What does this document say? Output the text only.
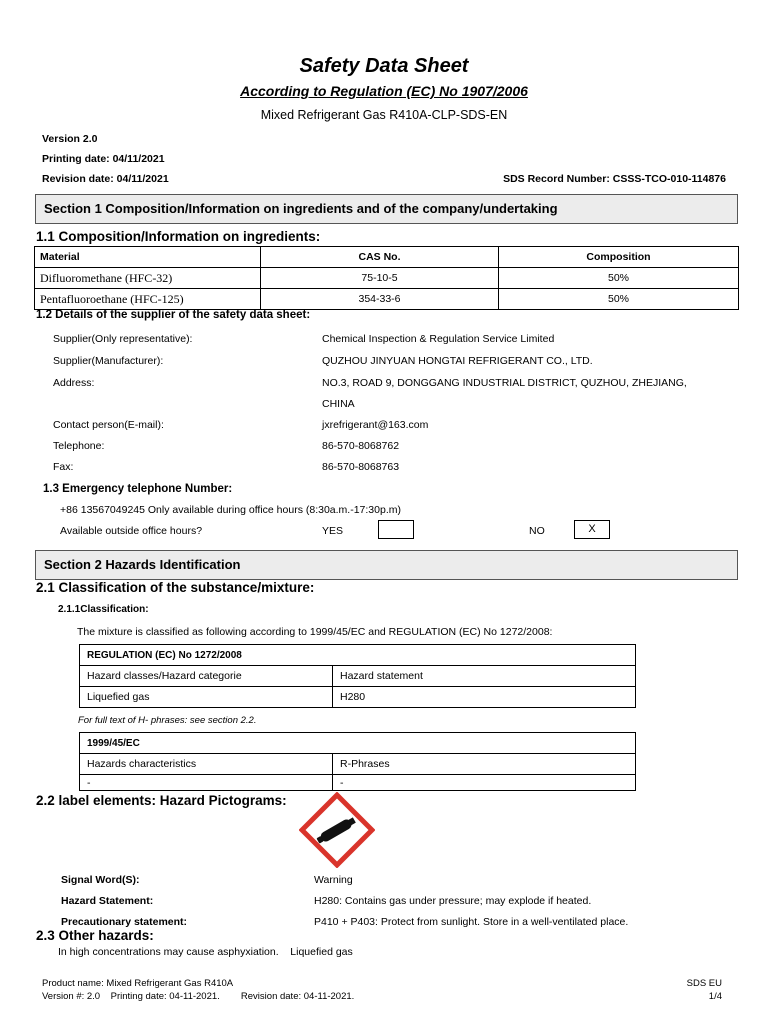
Safety Data Sheet
According to Regulation (EC) No 1907/2006
Mixed Refrigerant Gas R410A-CLP-SDS-EN
Version 2.0
Printing date: 04/11/2021
Revision date: 04/11/2021	SDS Record Number: CSSS-TCO-010-114876
Section 1 Composition/Information on ingredients and of the company/undertaking
1.1 Composition/Information on ingredients:
Material	CAS No.	Composition
Difluoromethane (HFC-32)	75-10-5	50%
Pentafluoroethane (HFC-125)	354-33-6	50%
1.2 Details of the supplier of the safety data sheet:
Supplier(Only representative):	Chemical Inspection & Regulation Service Limited
Supplier(Manufacturer):	QUZHOU JINYUAN HONGTAI REFRIGERANT CO., LTD.
Address:	NO.3, ROAD 9, DONGGANG INDUSTRIAL DISTRICT, QUZHOU, ZHEJIANG,
CHINA
Contact person(E-mail):	jxrefrigerant@163.com
Telephone:	86-570-8068762
Fax:	86-570-8068763
1.3 Emergency telephone Number:
+86 13567049245 Only available during office hours (8:30a.m.-17:30p.m)
Available outside office hours?	YES	NO	X
Section 2 Hazards Identification
2.1 Classification of the substance/mixture:
2.1.1Classification:
The mixture is classified as following according to 1999/45/EC and REGULATION (EC) No 1272/2008:
REGULATION (EC) No 1272/2008	
Hazard classes/Hazard categorie	Hazard statement
Liquefied gas	H280
For full text of H- phrases: see section 2.2.
1999/45/EC	
Hazards characteristics	R-Phrases
-	-
2.2 label elements: Hazard Pictograms:
Signal Word(S):	Warning
Hazard Statement:	H280: Contains gas under pressure; may explode if heated.
Precautionary statement:	P410 + P403: Protect from sunlight. Store in a well-ventilated place.
2.3 Other hazards:
In high concentrations may cause asphyxiation.    Liquefied gas
Product name: Mixed Refrigerant Gas R410A
Version #: 2.0    Printing date: 04-11-2021.        Revision date: 04-11-2021.
SDS EU
1/4
